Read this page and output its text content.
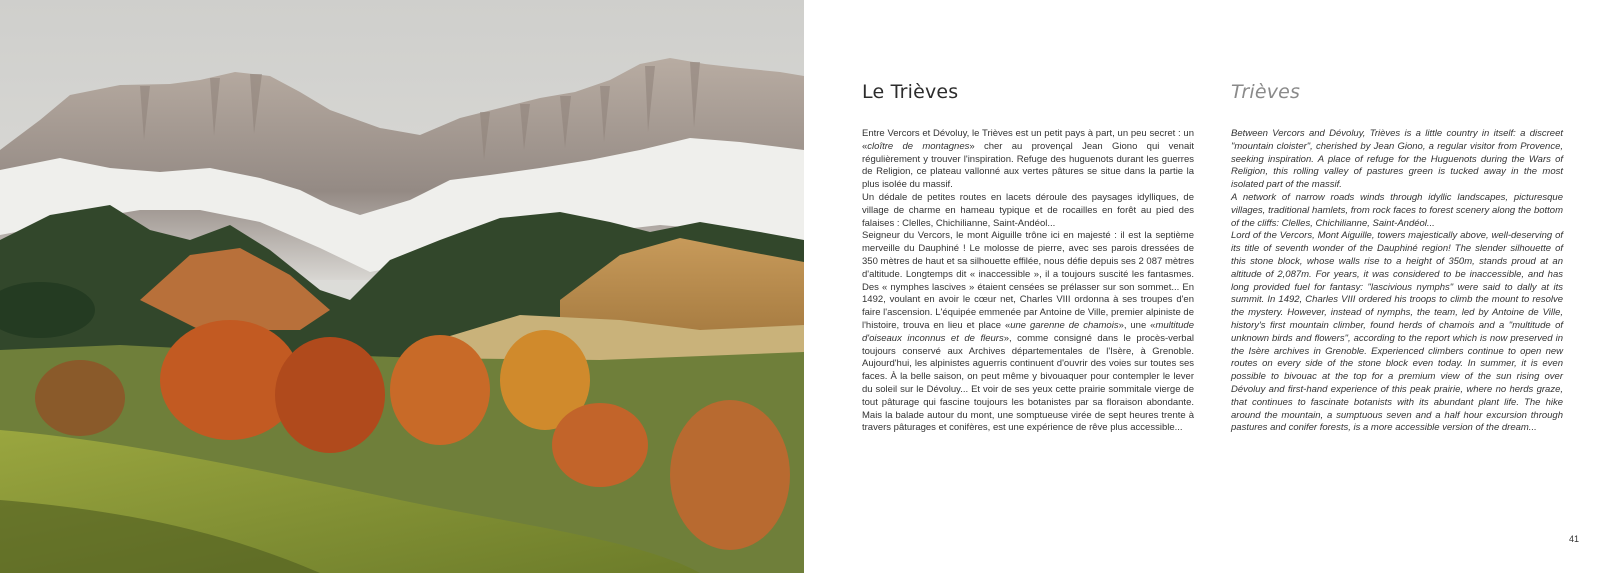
Le Trièves

Entre Vercors et Dévoluy, le Trièves est un petit pays à part, un peu secret : un «cloître de montagnes» cher au provençal Jean Giono qui venait régulièrement y trouver l'inspiration. Refuge des huguenots durant les guerres de Religion, ce plateau vallonné aux vertes pâtures se situe dans la partie la plus isolée du massif.

Un dédale de petites routes en lacets déroule des paysages idylliques, de village de charme en hameau typique et de rocailles en forêt au pied des falaises : Clelles, Chichilianne, Saint-Andéol...

Seigneur du Vercors, le mont Aiguille trône ici en majesté : il est la septième merveille du Dauphiné ! Le molosse de pierre, avec ses parois dressées de 350 mètres de haut et sa silhouette effilée, nous défie depuis ses 2 087 mètres d'altitude. Longtemps dit « inaccessible », il a toujours suscité les fantasmes. Des « nymphes lascives » étaient censées se prélasser sur son sommet... En 1492, voulant en avoir le cœur net, Charles VIII ordonna à ses troupes d'en faire l'ascension. L'équipée emmenée par Antoine de Ville, premier alpiniste de l'histoire, trouva en lieu et place «une garenne de chamois», une «multitude d'oiseaux inconnus et de fleurs», comme consigné dans le procès-verbal toujours conservé aux Archives départementales de l'Isère, à Grenoble. Aujourd'hui, les alpinistes aguerris continuent d'ouvrir des voies sur toutes ses faces. À la belle saison, on peut même y bivouaquer pour contempler le lever du soleil sur le Dévoluy... Et voir de ses yeux cette prairie sommitale vierge de tout pâturage qui fascine toujours les botanistes par sa floraison abondante. Mais la balade autour du mont, une somptueuse virée de sept heures trente à travers pâturages et conifères, est une expérience de rêve plus accessible...

Trièves

Between Vercors and Dévoluy, Trièves is a little country in itself: a discreet "mountain cloister", cherished by Jean Giono, a regular visitor from Provence, seeking inspiration. A place of refuge for the Huguenots during the Wars of Religion, this rolling valley of pastures green is tucked away in the most isolated part of the massif.

A network of narrow roads winds through idyllic landscapes, picturesque villages, traditional hamlets, from rock faces to forest scenery along the bottom of the cliffs: Clelles, Chichilianne, Saint-Andéol...

Lord of the Vercors, Mont Aiguille, towers majestically above, well-deserving of its title of seventh wonder of the Dauphiné region! The slender silhouette of this stone block, whose walls rise to a height of 350m, stands proud at an altitude of 2,087m. For years, it was considered to be inaccessible, and has long provided fuel for fantasy: "lascivious nymphs" were said to dally at its summit. In 1492, Charles VIII ordered his troops to climb the mount to resolve the mystery. However, instead of nymphs, the team, led by Antoine de Ville, history's first mountain climber, found herds of chamois and a "multitude of unknown birds and flowers", according to the report which is now preserved in the Isère archives in Grenoble. Experienced climbers continue to open new routes on every side of the stone block even today. In summer, it is even possible to bivouac at the top for a premium view of the sun rising over Dévoluy and first-hand experience of this peak prairie, where no herds graze, that continues to fascinate botanists with its abundant plant life. The hike around the mountain, a sumptuous seven and a half hour excursion through pastures and conifer forests, is a more accessible version of the dream...

41
